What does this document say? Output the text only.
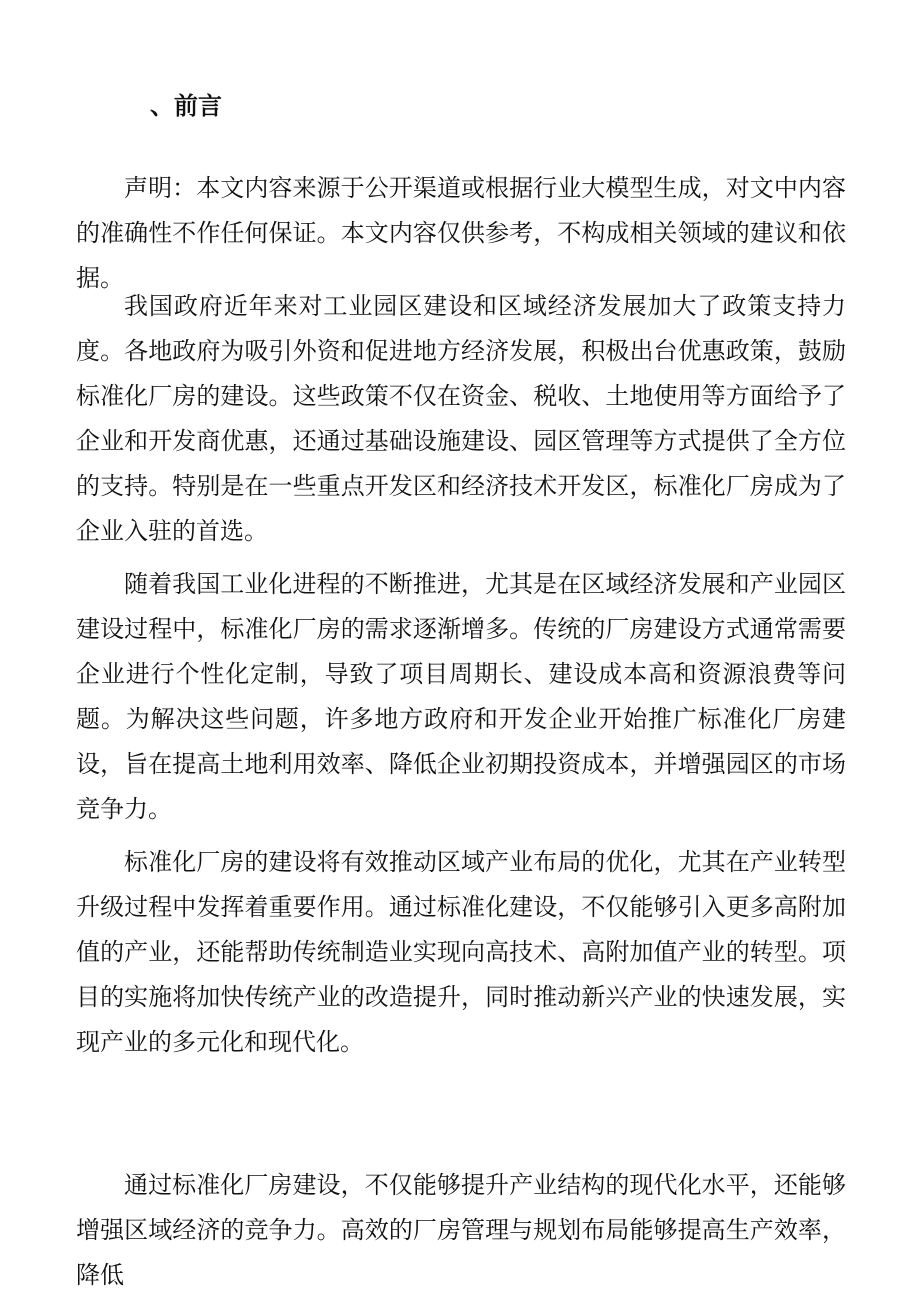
、前言

声明：本文内容来源于公开渠道或根据行业大模型生成，对文中内容的准确性不作任何保证。本文内容仅供参考，不构成相关领域的建议和依据。

我国政府近年来对工业园区建设和区域经济发展加大了政策支持力度。各地政府为吸引外资和促进地方经济发展，积极出台优惠政策，鼓励标准化厂房的建设。这些政策不仅在资金、税收、土地使用等方面给予了企业和开发商优惠，还通过基础设施建设、园区管理等方式提供了全方位的支持。特别是在一些重点开发区和经济技术开发区，标准化厂房成为了企业入驻的首选。

随着我国工业化进程的不断推进，尤其是在区域经济发展和产业园区建设过程中，标准化厂房的需求逐渐增多。传统的厂房建设方式通常需要企业进行个性化定制，导致了项目周期长、建设成本高和资源浪费等问题。为解决这些问题，许多地方政府和开发企业开始推广标准化厂房建设，旨在提高土地利用效率、降低企业初期投资成本，并增强园区的市场竞争力。

标准化厂房的建设将有效推动区域产业布局的优化，尤其在产业转型升级过程中发挥着重要作用。通过标准化建设，不仅能够引入更多高附加值的产业，还能帮助传统制造业实现向高技术、高附加值产业的转型。项目的实施将加快传统产业的改造提升，同时推动新兴产业的快速发展，实现产业的多元化和现代化。

通过标准化厂房建设，不仅能够提升产业结构的现代化水平，还能够增强区域经济的竞争力。高效的厂房管理与规划布局能够提高生产效率，降低
